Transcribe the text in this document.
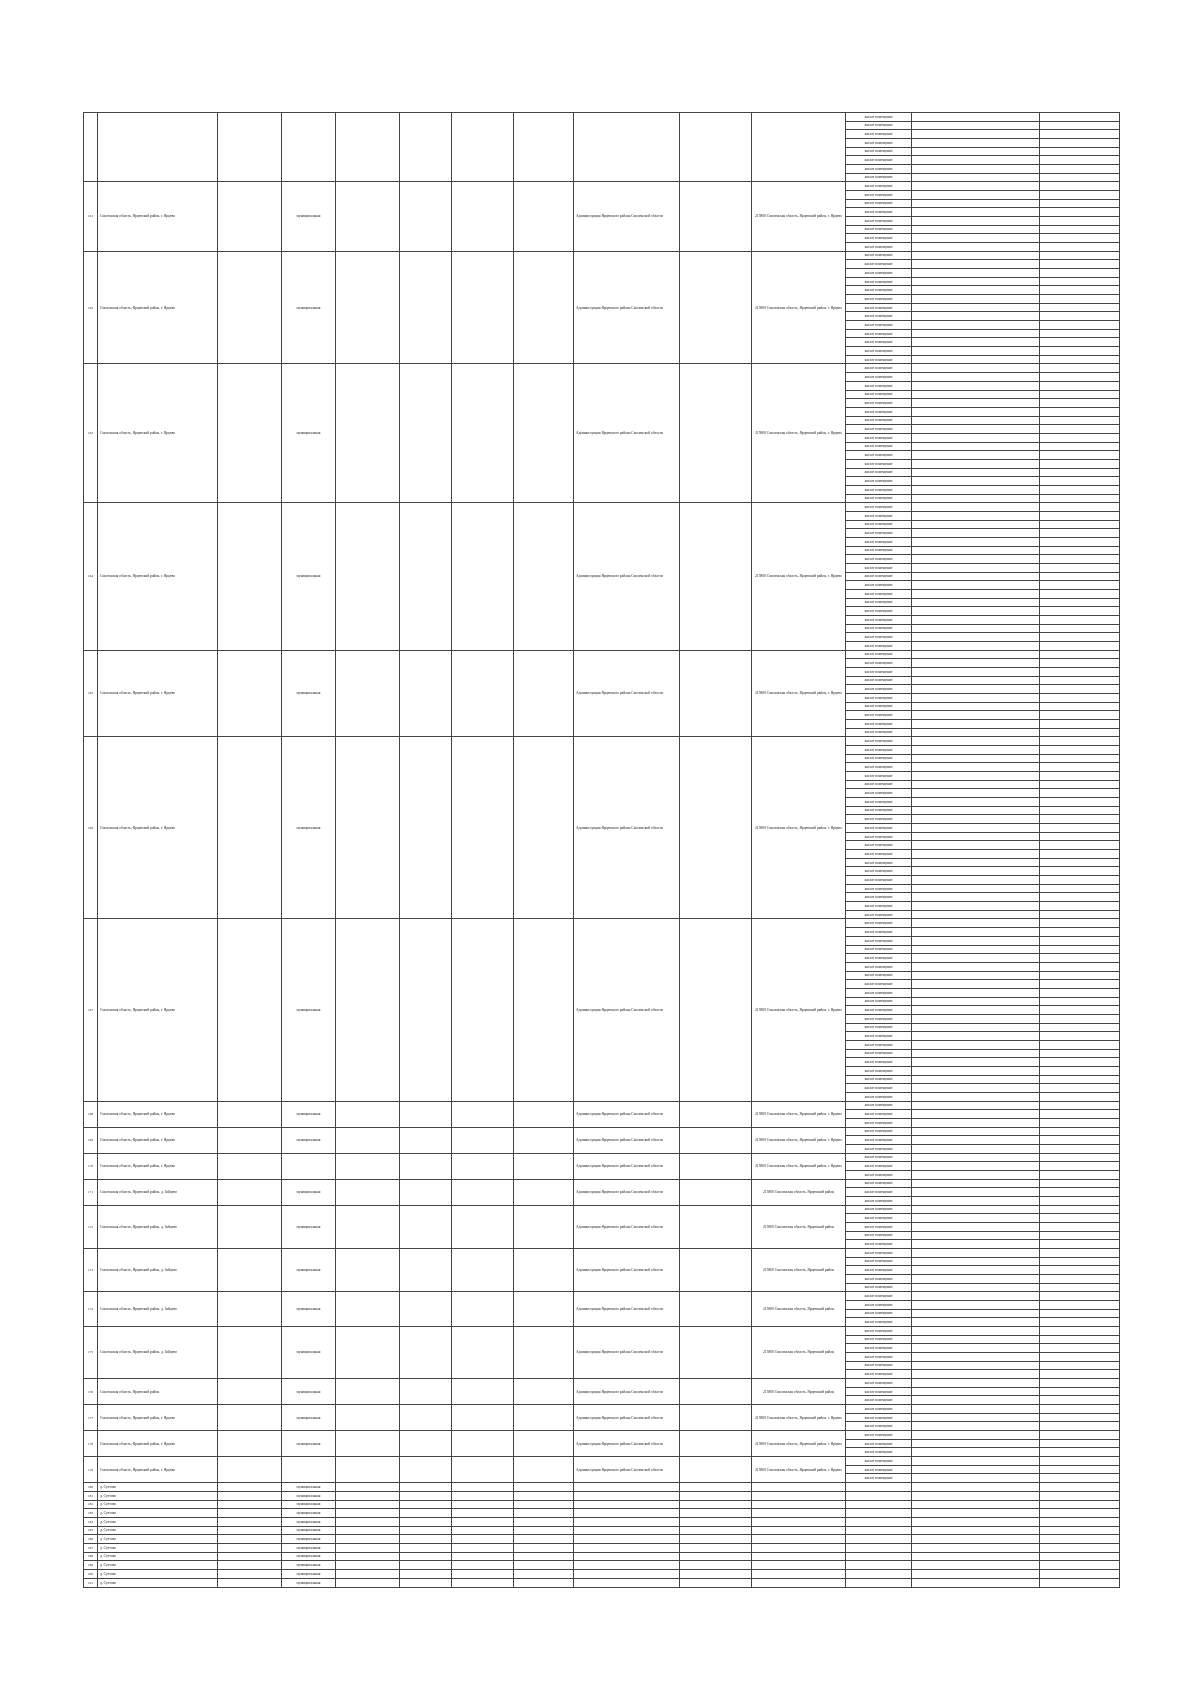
											жилое помещение		
											жилое помещение		
											жилое помещение		
											жилое помещение		
											жилое помещение		
											жилое помещение		
											жилое помещение		
											жилое помещение		
161	Смоленская область, Ярцевский район, г. Ярцево		муниципальная					Администрация Ярцевского района Смоленской области		215800 Смоленская область, Ярцевский район, г. Ярцево	жилое помещение		
											жилое помещение		
											жилое помещение		
											жилое помещение		
											жилое помещение		
											жилое помещение		
											жилое помещение		
											жилое помещение		
162	Смоленская область, Ярцевский район, г. Ярцево		муниципальная					Администрация Ярцевского района Смоленской области		215800 Смоленская область, Ярцевский район, г. Ярцево	жилое помещение		
											жилое помещение		
											жилое помещение		
											жилое помещение		
											жилое помещение		
											жилое помещение		
											жилое помещение		
											жилое помещение		
											жилое помещение		
											жилое помещение		
											жилое помещение		
											жилое помещение		
											жилое помещение		
163	Смоленская область, Ярцевский район, г. Ярцево		муниципальная					Администрация Ярцевского района Смоленской области		215800 Смоленская область, Ярцевский район, г. Ярцево	жилое помещение		
											жилое помещение		
											жилое помещение		
											жилое помещение		
											жилое помещение		
											жилое помещение		
											жилое помещение		
											жилое помещение		
											жилое помещение		
											жилое помещение		
											жилое помещение		
											жилое помещение		
											жилое помещение		
											жилое помещение		
											жилое помещение		
											жилое помещение		
164	Смоленская область, Ярцевский район, г. Ярцево		муниципальная					Администрация Ярцевского района Смоленской области		215800 Смоленская область, Ярцевский район, г. Ярцево	жилое помещение		
											жилое помещение		
											жилое помещение		
											жилое помещение		
											жилое помещение		
											жилое помещение		
											жилое помещение		
											жилое помещение		
											жилое помещение		
											жилое помещение		
											жилое помещение		
											жилое помещение		
											жилое помещение		
											жилое помещение		
											жилое помещение		
											жилое помещение		
											жилое помещение		
165	Смоленская область, Ярцевский район, г. Ярцево		муниципальная					Администрация Ярцевского района Смоленской области		215800 Смоленская область, Ярцевский район, г. Ярцево	жилое помещение		
											жилое помещение		
											жилое помещение		
											жилое помещение		
											жилое помещение		
											жилое помещение		
											жилое помещение		
											жилое помещение		
											жилое помещение		
											жилое помещение		
166	Смоленская область, Ярцевский район, г. Ярцево		муниципальная					Администрация Ярцевского района Смоленской области		215800 Смоленская область, Ярцевский район, г. Ярцево	жилое помещение		
											жилое помещение		
											жилое помещение		
											жилое помещение		
											жилое помещение		
											жилое помещение		
											жилое помещение		
											жилое помещение		
											жилое помещение		
											жилое помещение		
											жилое помещение		
											жилое помещение		
											жилое помещение		
											жилое помещение		
											жилое помещение		
											жилое помещение		
											жилое помещение		
											жилое помещение		
											жилое помещение		
											жилое помещение		
											жилое помещение		
167	Смоленская область, Ярцевский район, г. Ярцево		муниципальная					Администрация Ярцевского района Смоленской области		215800 Смоленская область, Ярцевский район, г. Ярцево	жилое помещение		
											жилое помещение		
											жилое помещение		
											жилое помещение		
											жилое помещение		
											жилое помещение		
											жилое помещение		
											жилое помещение		
											жилое помещение		
											жилое помещение		
											жилое помещение		
											жилое помещение		
											жилое помещение		
											жилое помещение		
											жилое помещение		
											жилое помещение		
											жилое помещение		
											жилое помещение		
											жилое помещение		
											жилое помещение		
											жилое помещение		
168	Смоленская область, Ярцевский район, г. Ярцево		муниципальная					Администрация Ярцевского района Смоленской области		215800 Смоленская область, Ярцевский район, г. Ярцево	жилое помещение		
											жилое помещение		
											жилое помещение		
169	Смоленская область, Ярцевский район, г. Ярцево		муниципальная					Администрация Ярцевского района Смоленской области		215800 Смоленская область, Ярцевский район, г. Ярцево	жилое помещение		
											жилое помещение		
											жилое помещение		
170	Смоленская область, Ярцевский район, г. Ярцево							Администрация Ярцевского района Смоленской области		215800 Смоленская область, Ярцевский район, г. Ярцево	жилое помещение		
											жилое помещение		
											жилое помещение		
171	Смоленская область, Ярцевский район, д. Зайцево		муниципальная					Администрация Ярцевского района Смоленской области		215800 Смоленская область, Ярцевский район	жилое помещение		
											жилое помещение		
											жилое помещение		
172	Смоленская область, Ярцевский район, д. Зайцево		муниципальная					Администрация Ярцевского района Смоленской области		215800 Смоленская область, Ярцевский район	жилое помещение		
											жилое помещение		
											жилое помещение		
											жилое помещение		
											жилое помещение		
173	Смоленская область, Ярцевский район, д. Зайцево		муниципальная					Администрация Ярцевского района Смоленской области		215800 Смоленская область, Ярцевский район	жилое помещение		
											жилое помещение		
											жилое помещение		
											жилое помещение		
											жилое помещение		
174	Смоленская область, Ярцевский район, д. Зайцево		муниципальная					Администрация Ярцевского района Смоленской области		215800 Смоленская область, Ярцевский район	жилое помещение		
											жилое помещение		
											жилое помещение		
											жилое помещение		
175	Смоленская область, Ярцевский район, д. Зайцево		муниципальная					Администрация Ярцевского района Смоленской области		215800 Смоленская область, Ярцевский район	жилое помещение		
											жилое помещение		
											жилое помещение		
											жилое помещение		
											жилое помещение		
											жилое помещение		
176	Смоленская область, Ярцевский район		муниципальная					Администрация Ярцевского района Смоленской области		215800 Смоленская область, Ярцевский район	жилое помещение		
											жилое помещение		
											жилое помещение		
177	Смоленская область, Ярцевский район, г. Ярцево		муниципальная					Администрация Ярцевского района Смоленской области		215800 Смоленская область, Ярцевский район, г. Ярцево	жилое помещение		
											жилое помещение		
											жилое помещение		
178	Смоленская область, Ярцевский район, г. Ярцево		муниципальная					Администрация Ярцевского района Смоленской области		215800 Смоленская область, Ярцевский район, г. Ярцево	жилое помещение		
											жилое помещение		
											жилое помещение		
179	Смоленская область, Ярцевский район, г. Ярцево							Администрация Ярцевского района Смоленской области		215800 Смоленская область, Ярцевский район, г. Ярцево	жилое помещение		
											жилое помещение		
											жилое помещение		
180	д. Суетово		муниципальная										
181	д. Суетово		муниципальная										
182	д. Суетово		муниципальная										
183	д. Суетово		муниципальная										
184	д. Суетово		муниципальная										
185	д. Суетово		муниципальная										
186	д. Суетово		муниципальная										
187	д. Суетово		муниципальная										
188	д. Суетово		муниципальная										
189	д. Суетово		муниципальная										
190	д. Суетово		муниципальная										
191	д. Суетово		муниципальная										
